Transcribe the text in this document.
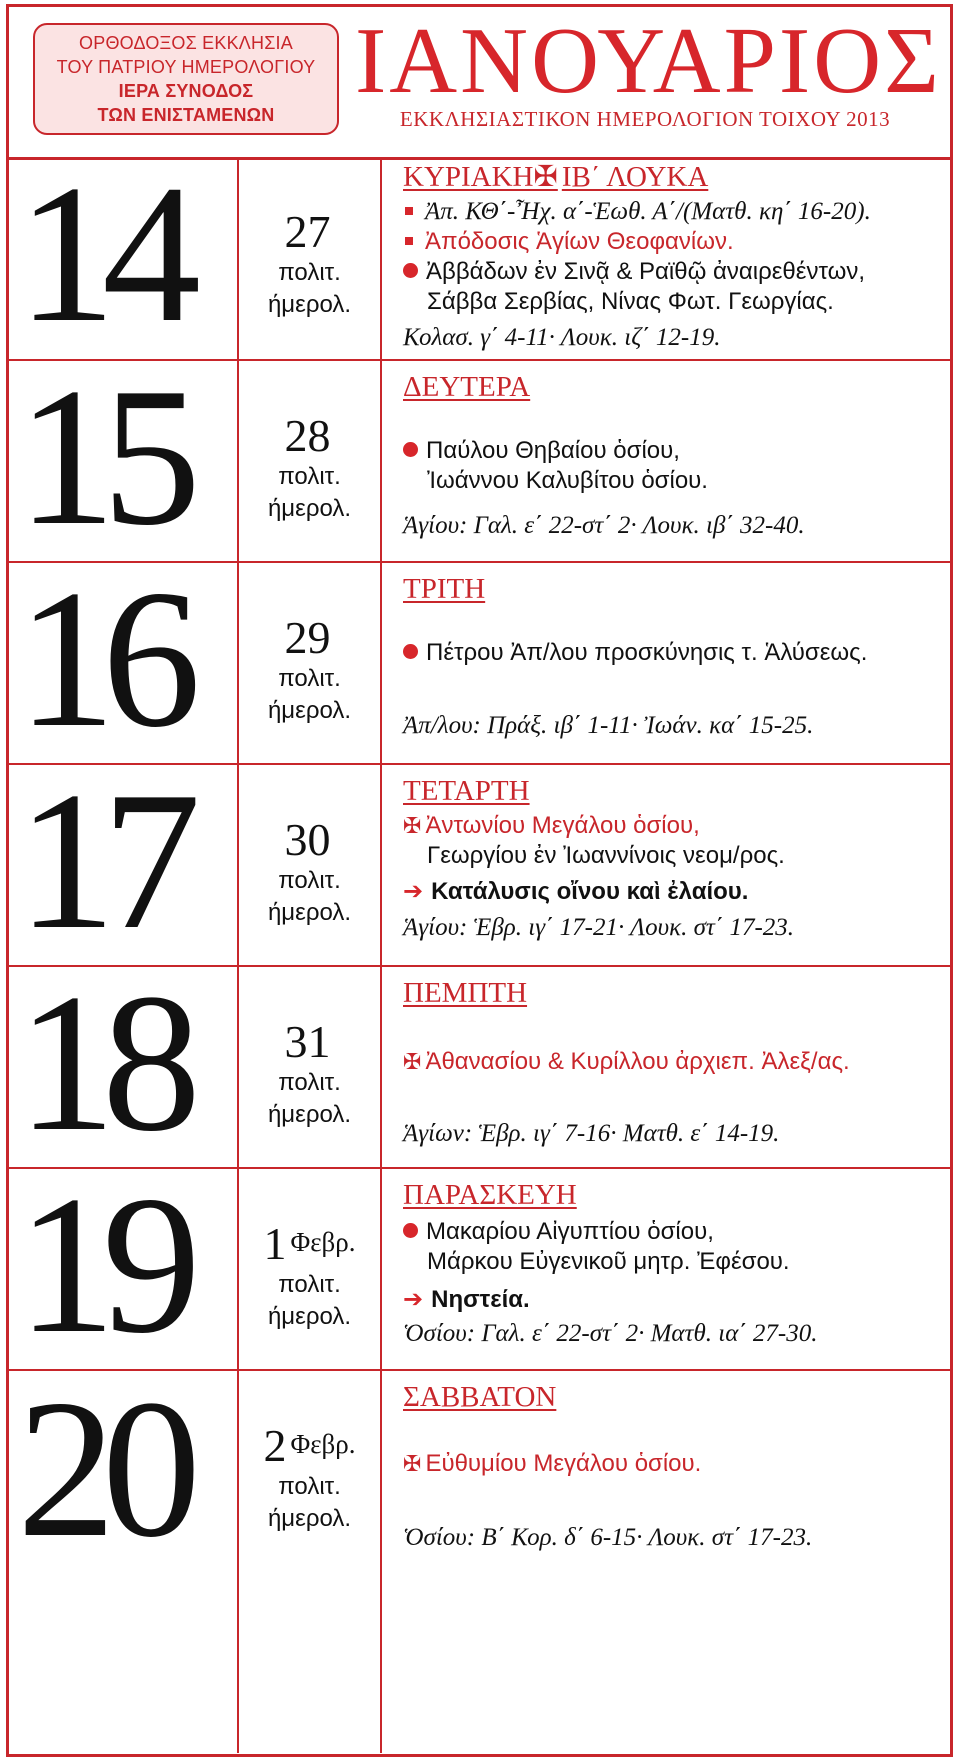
ΟΡΘΟΔΟΞΟΣ ΕΚΚΛΗΣΙΑ
ΤΟΥ ΠΑΤΡΙΟΥ ΗΜΕΡΟΛΟΓΙΟΥ
ΙΕΡΑ ΣΥΝΟΔΟΣ
ΤΩΝ ΕΝΙΣΤΑΜΕΝΩΝ
ΙΑΝΟΥΑΡΙΟΣ
ΕΚΚΛΗΣΙΑΣΤΙΚΟΝ ΗΜΕΡΟΛΟΓΙΟΝ ΤΟΙΧΟΥ 2013
14	27
πολιτ.
ήμερολ.
ΚΥΡΙΑΚΗ✠ ΙΒ΄ ΛΟΥΚΑ
Ἀπ. ΚΘ΄-Ἦχ. α΄-Ἑωθ. Α΄/(Ματθ. κη΄ 16-20).
Ἀπόδοσις Ἁγίων Θεοφανίων.
Ἀββάδων ἐν Σινᾷ & Ραϊθῷ ἀναιρεθέντων,
Σάββα Σερβίας, Νίνας Φωτ. Γεωργίας.
Κολασ. γ΄ 4-11· Λουκ. ιζ΄ 12-19.
15	28
πολιτ.
ήμερολ.
ΔΕΥΤΕΡΑ
Παύλου Θηβαίου ὁσίου,
Ἰωάννου Καλυβίτου ὁσίου.
Ἁγίου: Γαλ. ε΄ 22-στ΄ 2· Λουκ. ιβ΄ 32-40.
16	29
πολιτ.
ήμερολ.
ΤΡΙΤΗ
Πέτρου Ἀπ/λου προσκύνησις τ. Ἁλύσεως.
Ἀπ/λου: Πράξ. ιβ΄ 1-11· Ἰωάν. κα΄ 15-25.
17	30
πολιτ.
ήμερολ.
ΤΕΤΑΡΤΗ
✠ Ἀντωνίου Μεγάλου ὁσίου,
Γεωργίου ἐν Ἰωαννίνοις νεομ/ρος.
➔ Κατάλυσις οἴνου καὶ ἐλαίου.
Ἁγίου: Ἑβρ. ιγ΄ 17-21· Λουκ. στ΄ 17-23.
18	31
πολιτ.
ήμερολ.
ΠΕΜΠΤΗ
✠ Ἀθανασίου & Κυρίλλου ἀρχιεπ. Ἀλεξ/ας.
Ἁγίων: Ἑβρ. ιγ΄ 7-16· Ματθ. ε΄ 14-19.
19	1 Φεβρ.
πολιτ.
ήμερολ.
ΠΑΡΑΣΚΕΥΗ
Μακαρίου Αἰγυπτίου ὁσίου,
Μάρκου Εὐγενικοῦ μητρ. Ἐφέσου.
➔ Νηστεία.
Ὁσίου: Γαλ. ε΄ 22-στ΄ 2· Ματθ. ια΄ 27-30.
20	2 Φεβρ.
πολιτ.
ήμερολ.
ΣΑΒΒΑΤΟΝ
✠ Εὐθυμίου Μεγάλου ὁσίου.
Ὁσίου: Β΄ Κορ. δ΄ 6-15· Λουκ. στ΄ 17-23.
